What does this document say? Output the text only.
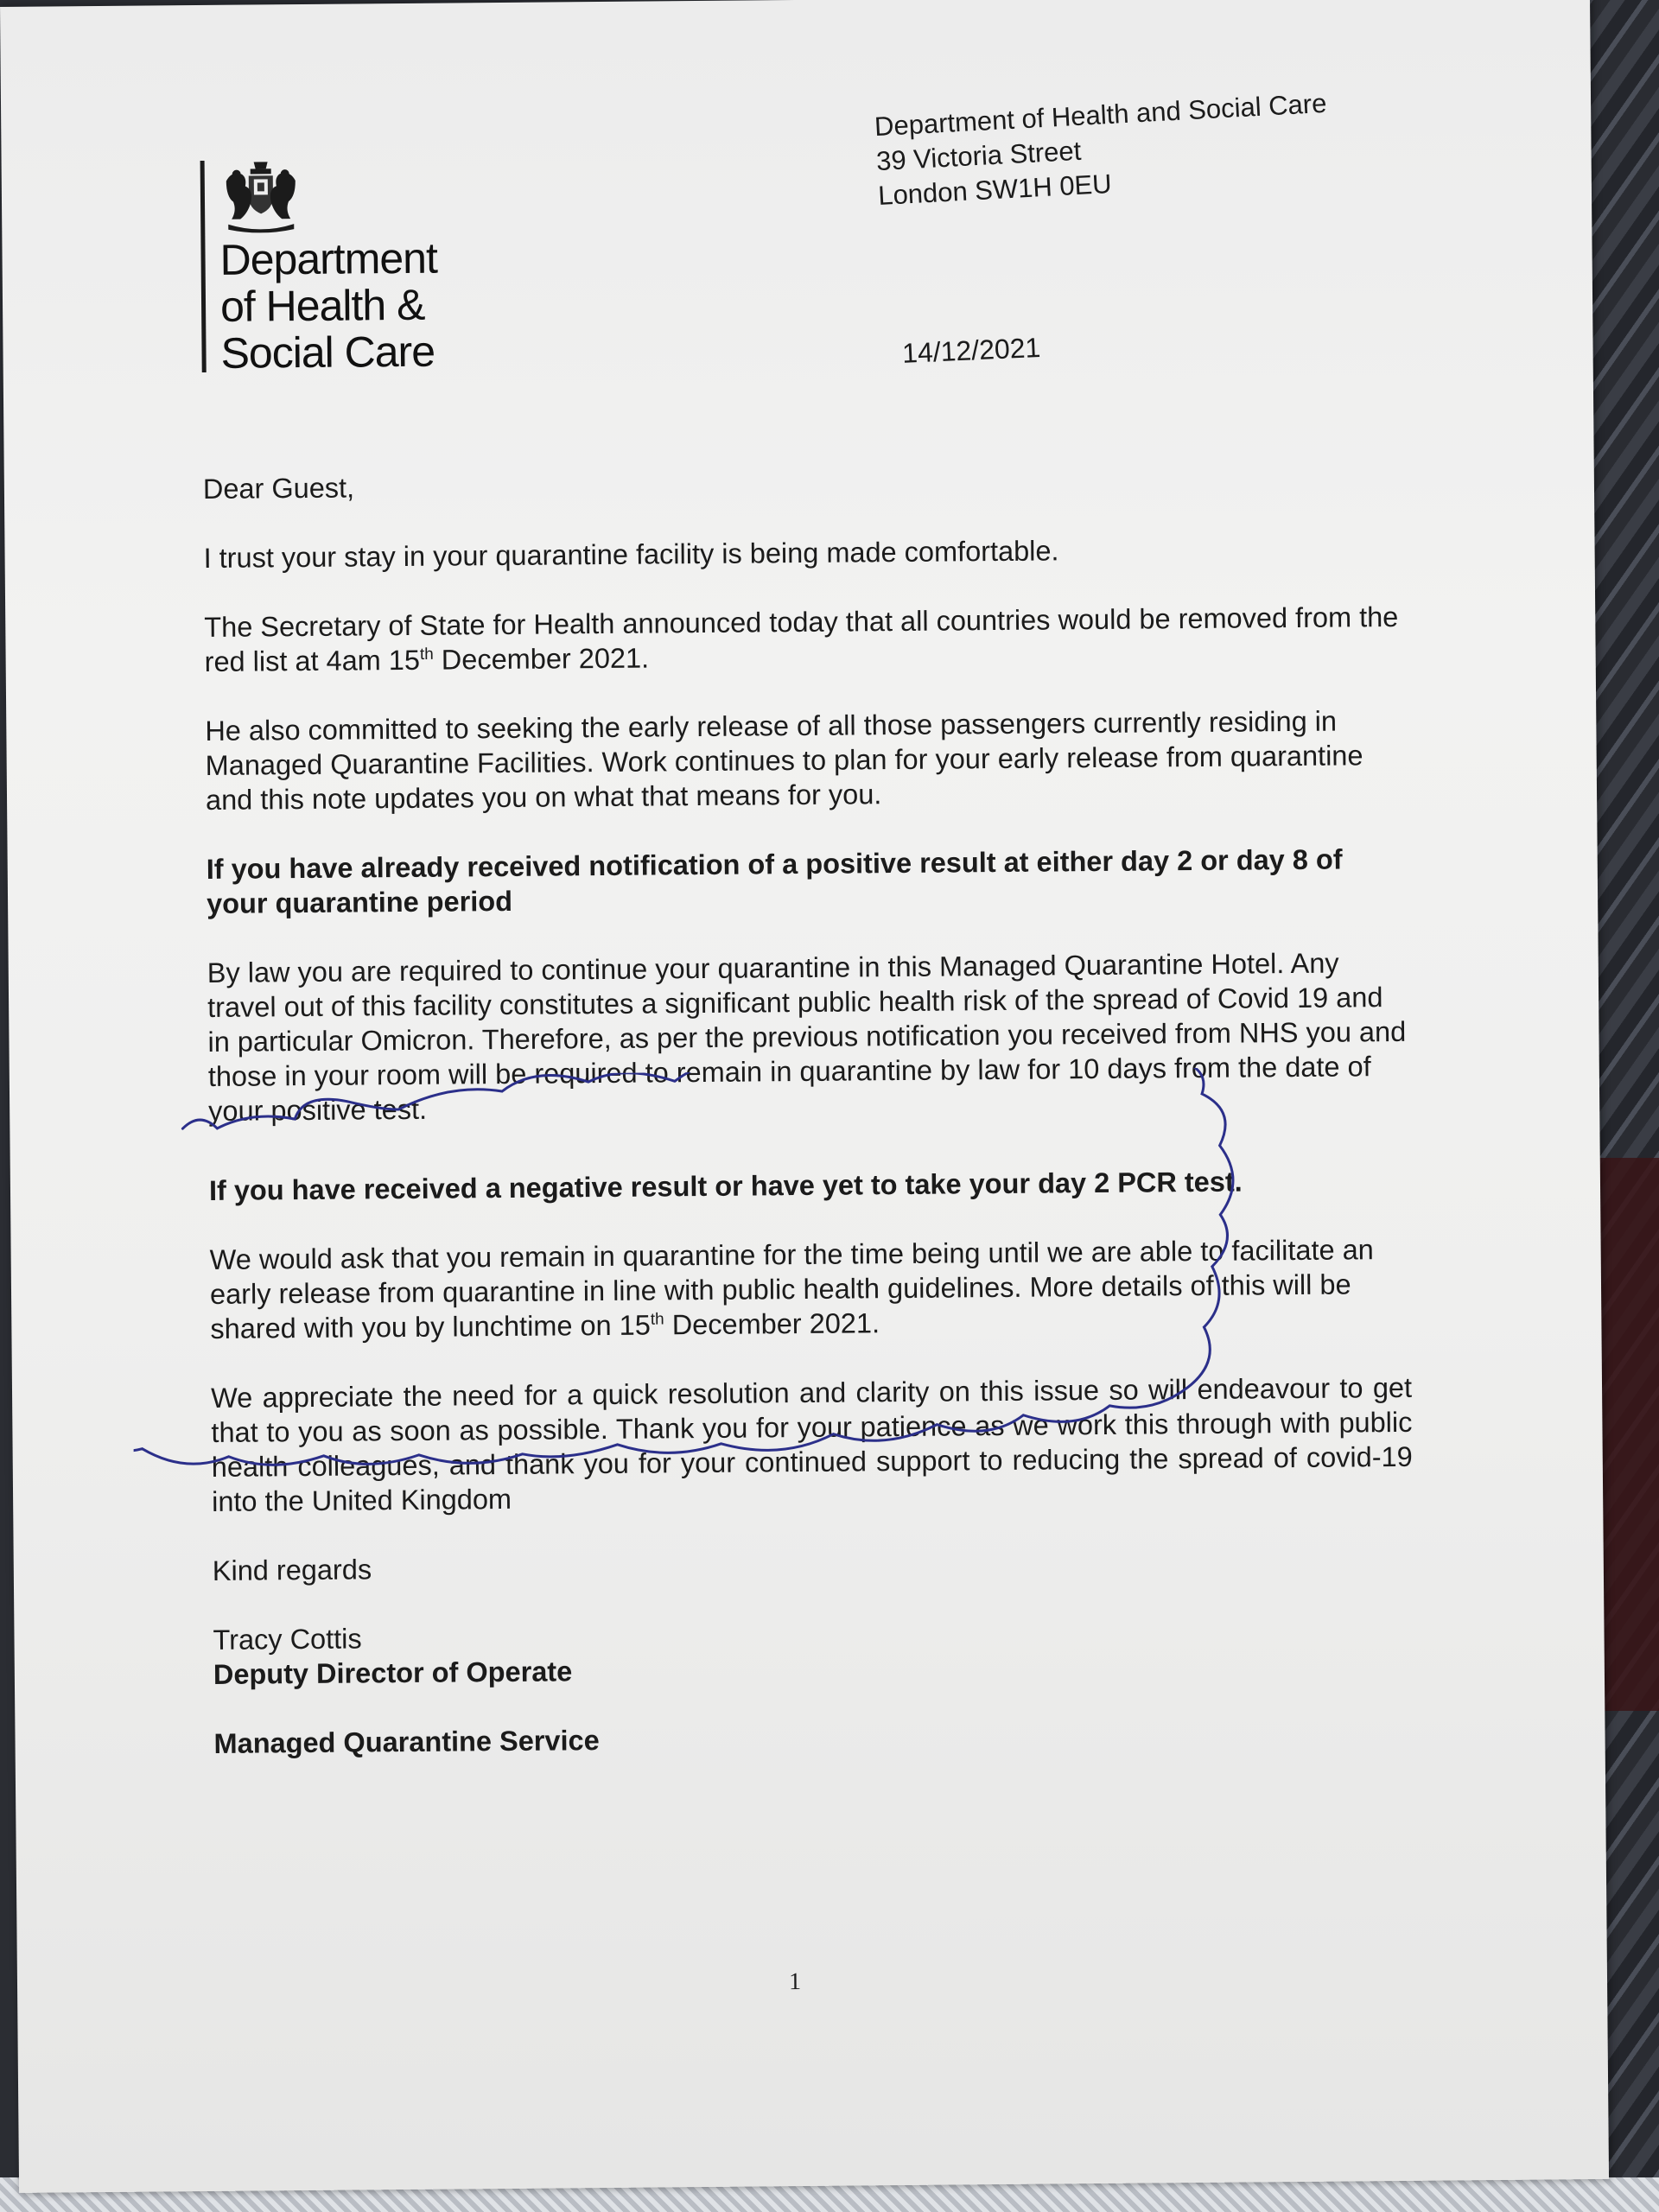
Department
of Health &
Social Care
Department of Health and Social Care
39 Victoria Street
London SW1H 0EU
14/12/2021

Dear Guest,

I trust your stay in your quarantine facility is being made comfortable.

The Secretary of State for Health announced today that all countries would be removed from the red list at 4am 15th December 2021.

He also committed to seeking the early release of all those passengers currently residing in Managed Quarantine Facilities. Work continues to plan for your early release from quarantine and this note updates you on what that means for you.

If you have already received notification of a positive result at either day 2 or day 8 of your quarantine period

By law you are required to continue your quarantine in this Managed Quarantine Hotel. Any travel out of this facility constitutes a significant public health risk of the spread of Covid 19 and in particular Omicron. Therefore, as per the previous notification you received from NHS you and those in your room will be required to remain in quarantine by law for 10 days from the date of your positive test.

If you have received a negative result or have yet to take your day 2 PCR test.

We would ask that you remain in quarantine for the time being until we are able to facilitate an early release from quarantine in line with public health guidelines. More details of this will be shared with you by lunchtime on 15th December 2021.

We appreciate the need for a quick resolution and clarity on this issue so will endeavour to get that to you as soon as possible. Thank you for your patience as we work this through with public health colleagues, and thank you for your continued support to reducing the spread of covid-19 into the United Kingdom

Kind regards

Tracy Cottis

Deputy Director of Operate

Managed Quarantine Service

1
